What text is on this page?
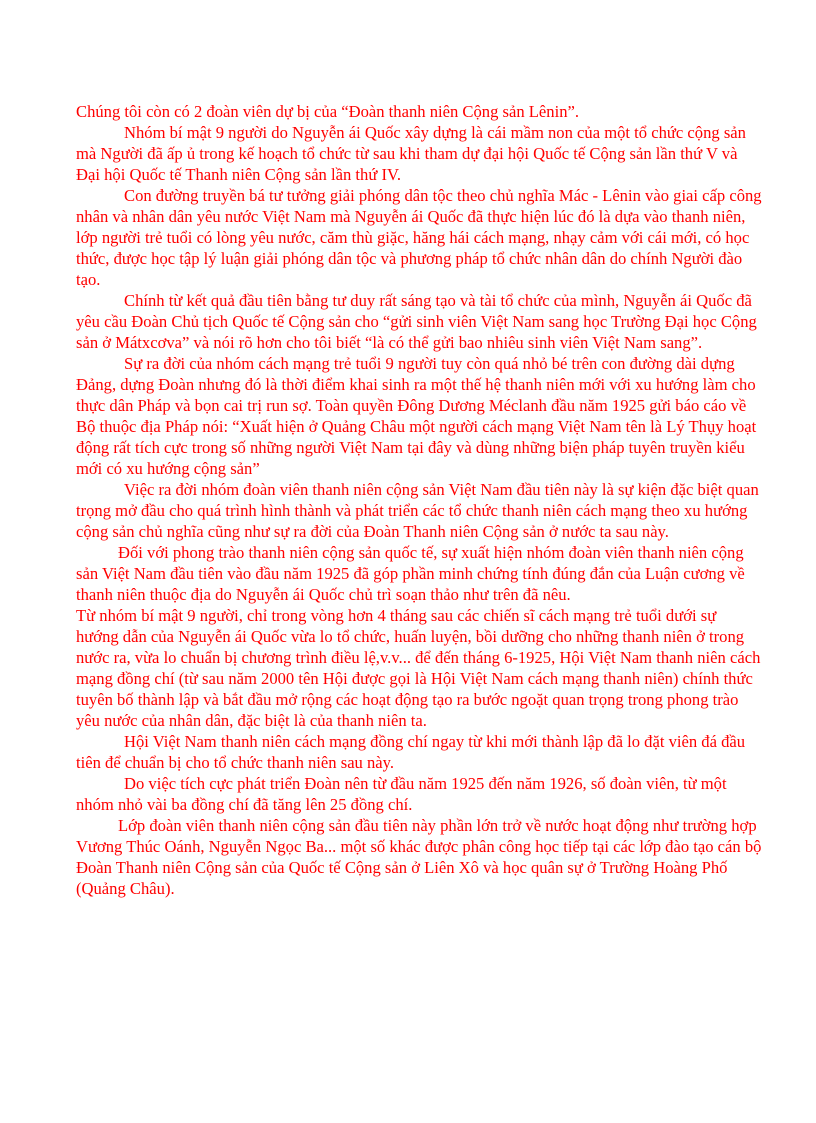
Chúng tôi còn có 2 đoàn viên dự bị của “Đoàn thanh niên Cộng sản Lênin”.

Nhóm bí mật 9 người do Nguyễn ái Quốc xây dựng là cái mầm non của một tổ chức cộng sản mà Người đã ấp ủ trong kế hoạch tổ chức từ sau khi tham dự đại hội Quốc tế Cộng sản lần thứ V và Đại hội Quốc tế Thanh niên Cộng sản lần thứ IV.

Con đường truyền bá tư tưởng giải phóng dân tộc theo chủ nghĩa Mác - Lênin vào giai cấp công nhân và nhân dân yêu nước Việt Nam mà Nguyễn ái Quốc đã thực hiện lúc đó là dựa vào thanh niên, lớp người trẻ tuổi có lòng yêu nước, căm thù giặc, hăng hái cách mạng, nhạy cảm với cái mới, có học thức, được học tập lý luận giải phóng dân tộc và phương pháp tổ chức nhân dân do chính Người đào tạo.

Chính từ kết quả đầu tiên bằng tư duy rất sáng tạo và tài tổ chức của mình, Nguyễn ái Quốc đã yêu cầu Đoàn Chủ tịch Quốc tế Cộng sản cho “gửi sinh viên Việt Nam sang học Trường Đại học Cộng sản ở Mátxcơva” và nói rõ hơn cho tôi biết “là có thể gửi bao nhiêu sinh viên Việt Nam sang”.

Sự ra đời của nhóm cách mạng trẻ tuổi 9 người tuy còn quá nhỏ bé trên con đường dài dựng Đảng, dựng Đoàn nhưng đó là thời điểm khai sinh ra một thế hệ thanh niên mới với xu hướng làm cho thực dân Pháp và bọn cai trị run sợ. Toàn quyền Đông Dương Méclanh đầu năm 1925 gửi báo cáo về Bộ thuộc địa Pháp nói: “Xuất hiện ở Quảng Châu một người cách mạng Việt Nam tên là Lý Thụy hoạt động rất tích cực trong số những người Việt Nam tại đây và dùng những biện pháp tuyên truyền kiểu mới có xu hướng cộng sản”

Việc ra đời nhóm đoàn viên thanh niên cộng sản Việt Nam đầu tiên này là sự kiện đặc biệt quan trọng mở đầu cho quá trình hình thành và phát triển các tổ chức thanh niên cách mạng theo xu hướng cộng sản chủ nghĩa cũng như sự ra đời của Đoàn Thanh niên Cộng sản ở nước ta sau này.

Đối với phong trào thanh niên cộng sản quốc tế, sự xuất hiện nhóm đoàn viên thanh niên cộng sản Việt Nam đầu tiên vào đầu năm 1925 đã góp phần minh chứng tính đúng đắn của Luận cương về thanh niên thuộc địa do Nguyễn ái Quốc chủ trì soạn thảo như trên đã nêu.

Từ nhóm bí mật 9 người, chỉ trong vòng hơn 4 tháng sau các chiến sĩ cách mạng trẻ tuổi dưới sự hướng dẫn của Nguyễn ái Quốc vừa lo tổ chức, huấn luyện, bồi dưỡng cho những thanh niên ở trong nước ra, vừa lo chuẩn bị chương trình điều lệ,v.v... để đến tháng 6-1925, Hội Việt Nam thanh niên cách mạng đồng chí (từ sau năm 2000 tên Hội được gọi là Hội Việt Nam cách mạng thanh niên) chính thức tuyên bố thành lập và bắt đầu mở rộng các hoạt động tạo ra bước ngoặt quan trọng trong phong trào yêu nước của nhân dân, đặc biệt là của thanh niên ta.

Hội Việt Nam thanh niên cách mạng đồng chí ngay từ khi mới thành lập đã lo đặt viên đá đầu tiên để chuẩn bị cho tổ chức thanh niên sau này.

Do việc tích cực phát triển Đoàn nên từ đầu năm 1925 đến năm 1926, số đoàn viên, từ một nhóm nhỏ vài ba đồng chí đã tăng lên 25 đồng chí.

Lớp đoàn viên thanh niên cộng sản đầu tiên này phần lớn trở về nước hoạt động như trường hợp Vương Thúc Oánh, Nguyễn Ngọc Ba... một số khác được phân công học tiếp tại các lớp đào tạo cán bộ Đoàn Thanh niên Cộng sản của Quốc tế Cộng sản ở Liên Xô và học quân sự ở Trường Hoàng Phố (Quảng Châu).
